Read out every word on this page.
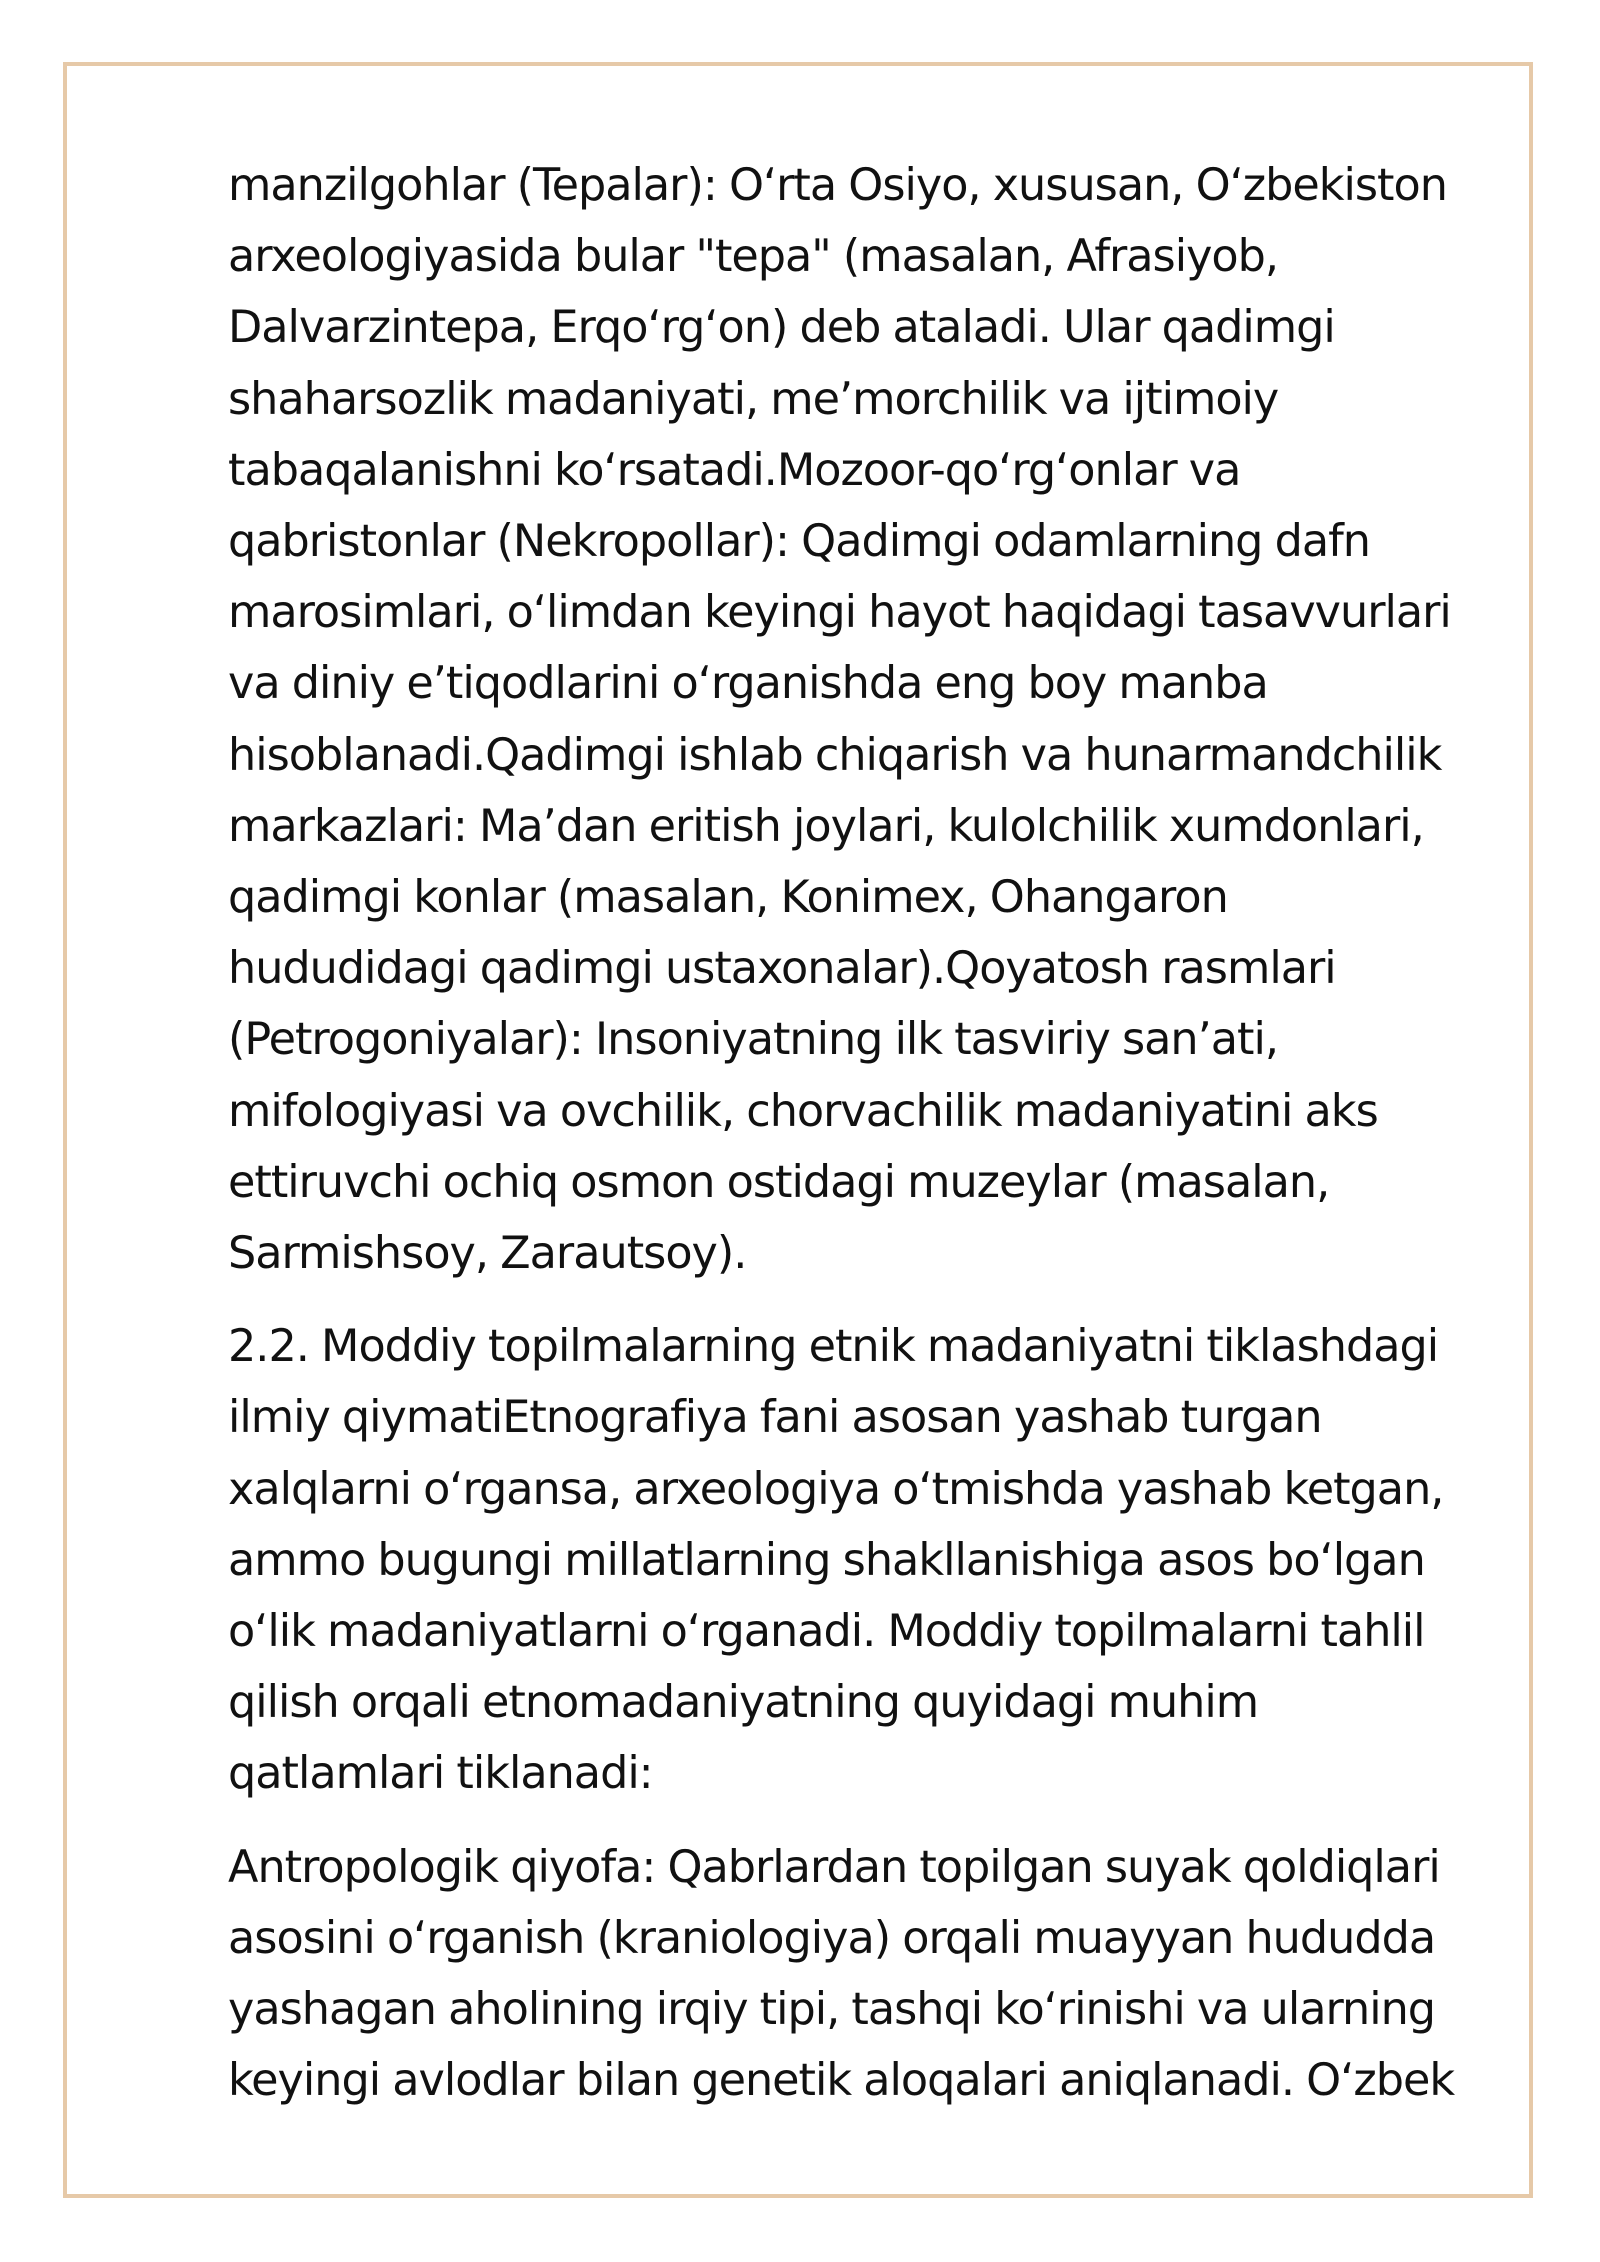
manzilgohlar (Tepalar): O‘rta Osiyo, xususan, O‘zbekiston
arxeologiyasida bular "tepa" (masalan, Afrasiyob,
Dalvarzintepa, Erqo‘rg‘on) deb ataladi. Ular qadimgi
shaharsozlik madaniyati, me’morchilik va ijtimoiy
tabaqalanishni ko‘rsatadi.Mozoor-qo‘rg‘onlar va
qabristonlar (Nekropollar): Qadimgi odamlarning dafn
marosimlari, o‘limdan keyingi hayot haqidagi tasavvurlari
va diniy e’tiqodlarini o‘rganishda eng boy manba
hisoblanadi.Qadimgi ishlab chiqarish va hunarmandchilik
markazlari: Ma’dan eritish joylari, kulolchilik xumdonlari,
qadimgi konlar (masalan, Konimex, Ohangaron
hududidagi qadimgi ustaxonalar).Qoyatosh rasmlari
(Petrogoniyalar): Insoniyatning ilk tasviriy san’ati,
mifologiyasi va ovchilik, chorvachilik madaniyatini aks
ettiruvchi ochiq osmon ostidagi muzeylar (masalan,
Sarmishsoy, Zarautsoy).

2.2. Moddiy topilmalarning etnik madaniyatni tiklashdagi
ilmiy qiymatiEtnografiya fani asosan yashab turgan
xalqlarni o‘rgansa, arxeologiya o‘tmishda yashab ketgan,
ammo bugungi millatlarning shakllanishiga asos bo‘lgan
o‘lik madaniyatlarni o‘rganadi. Moddiy topilmalarni tahlil
qilish orqali etnomadaniyatning quyidagi muhim
qatlamlari tiklanadi:

Antropologik qiyofa: Qabrlardan topilgan suyak qoldiqlari
asosini o‘rganish (kraniologiya) orqali muayyan hududda
yashagan aholining irqiy tipi, tashqi ko‘rinishi va ularning
keyingi avlodlar bilan genetik aloqalari aniqlanadi. O‘zbek
